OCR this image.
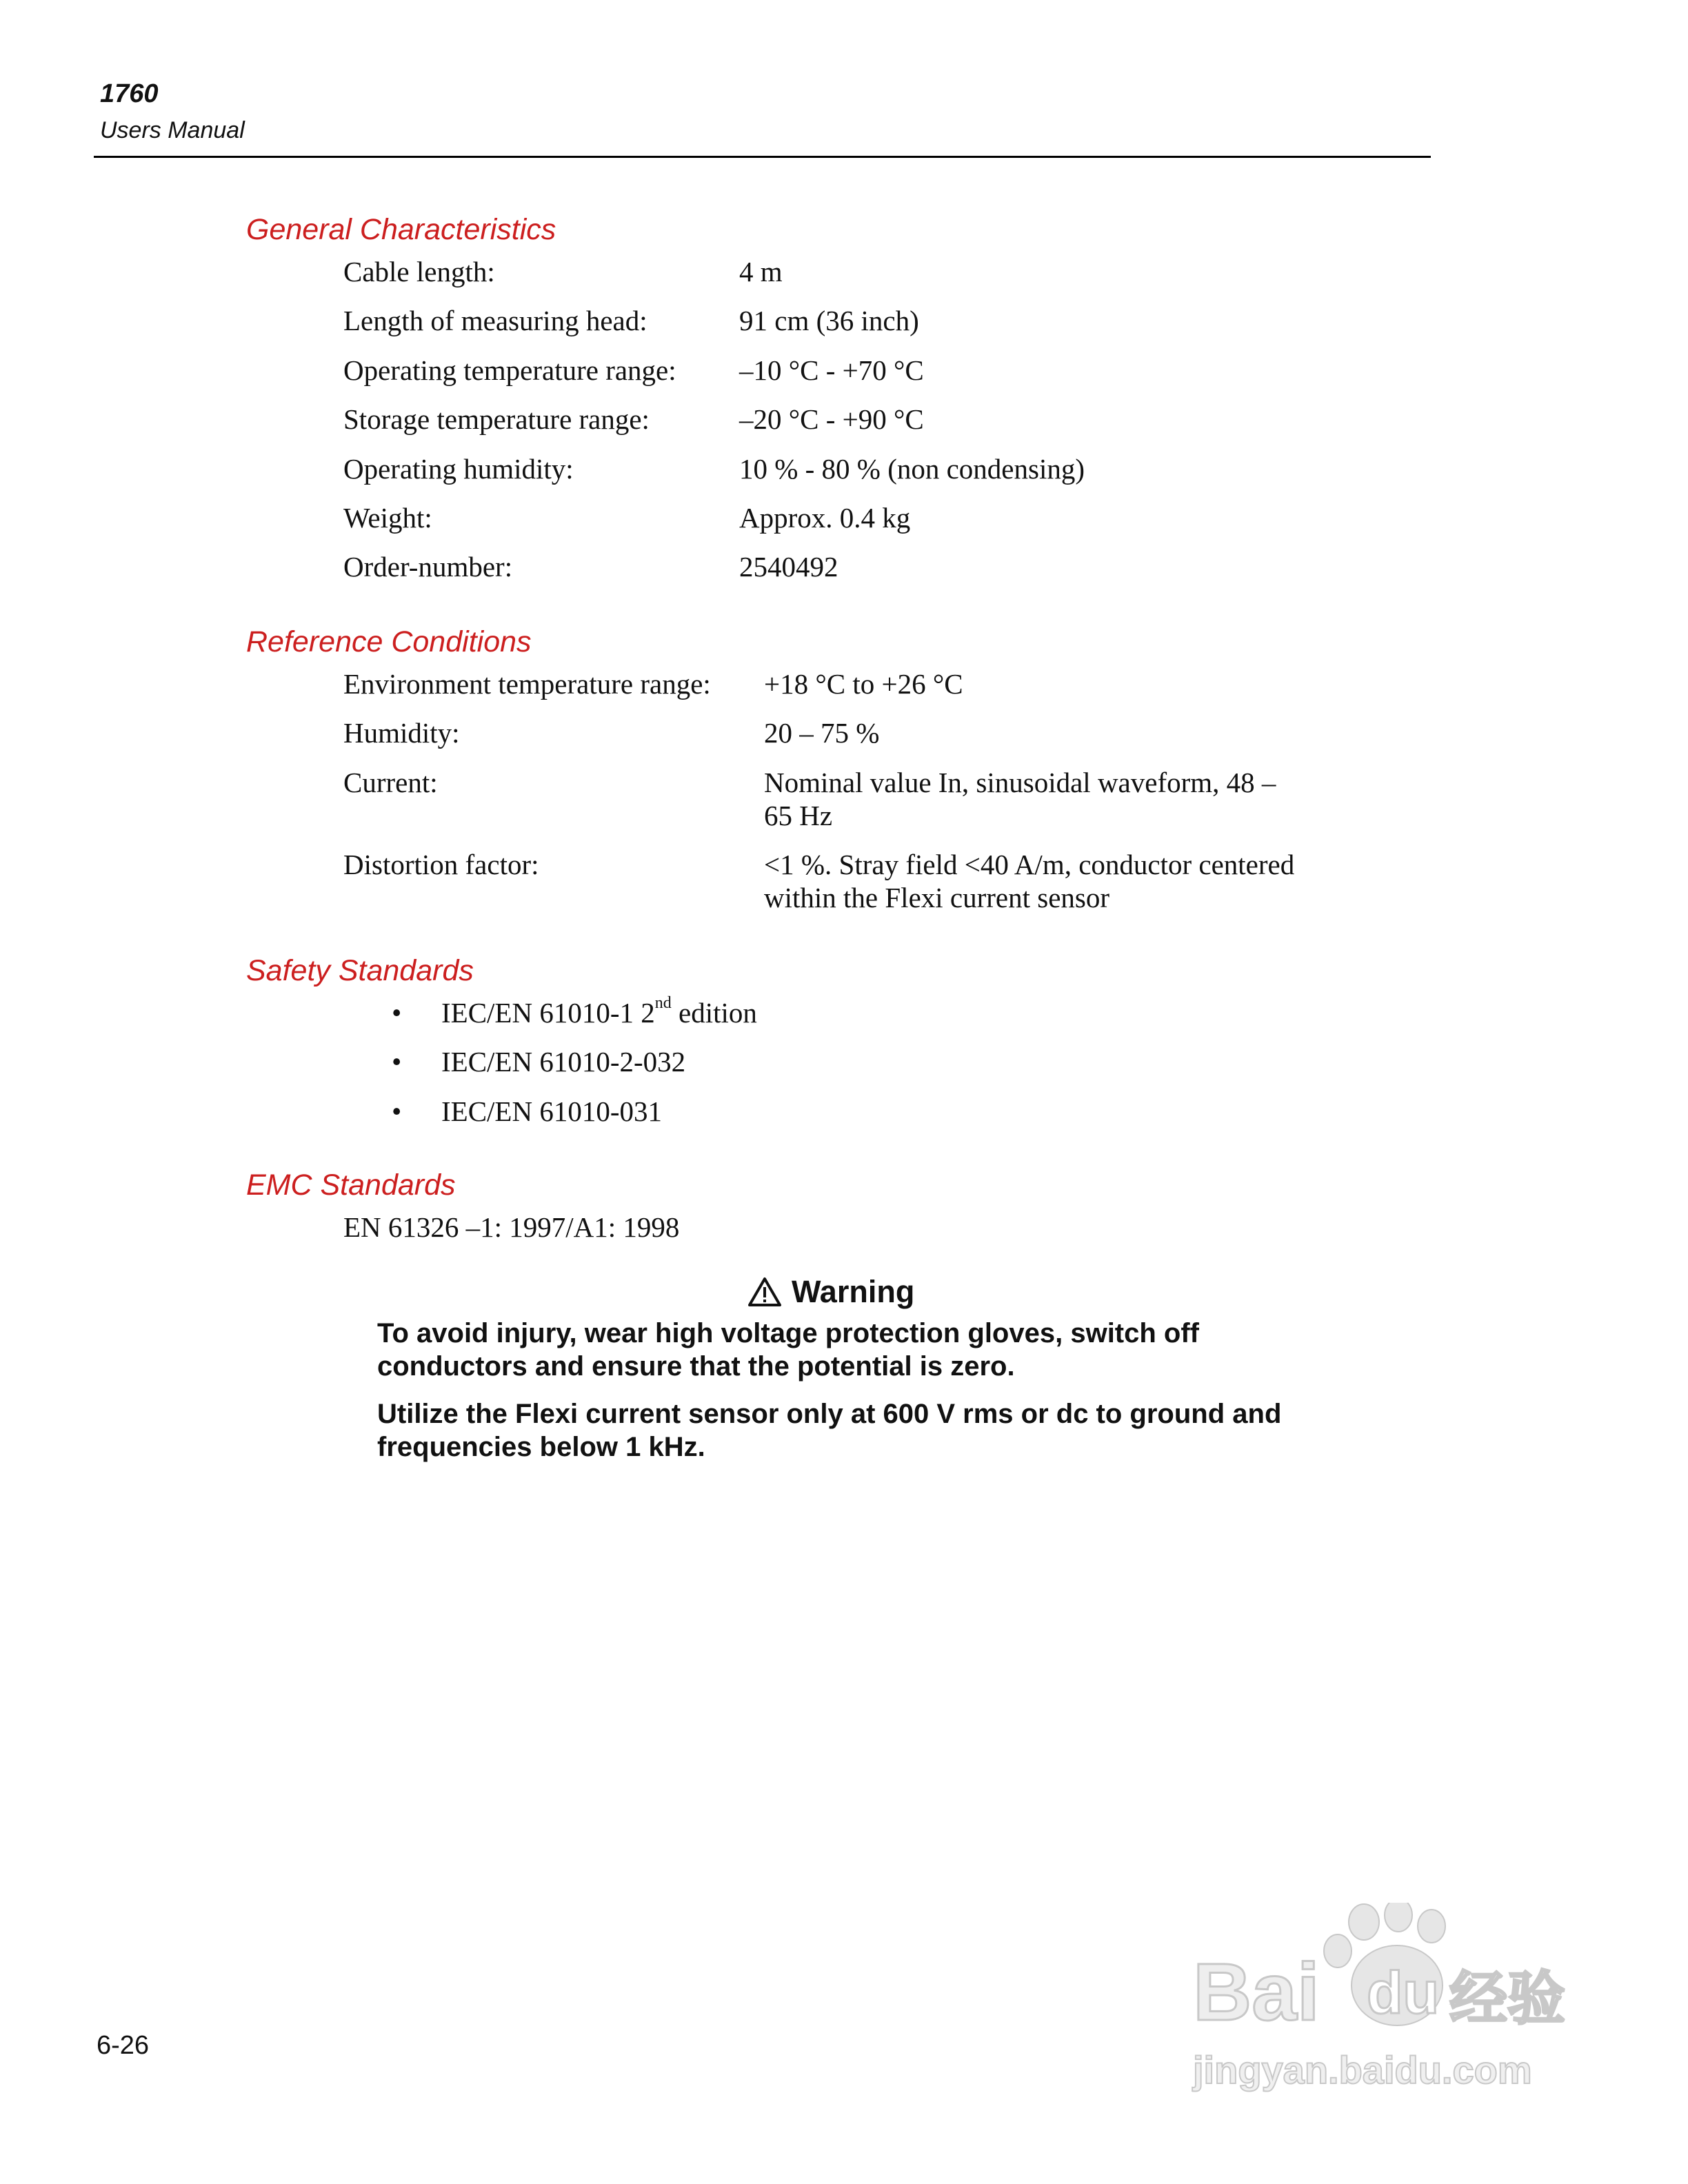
1760
Users Manual
General Characteristics
Cable length:	4 m
Length of measuring head:	91 cm (36 inch)
Operating temperature range: –10 °C - +70 °C
Storage temperature range:	–20 °C - +90 °C
Operating humidity:	10 % - 80 % (non condensing)
Weight:	Approx. 0.4 kg
Order-number:	2540492
Reference Conditions
Environment temperature range: +18 °C to +26 °C
Humidity:	20 – 75 %
Current:	Nominal value In, sinusoidal waveform, 48 –
65 Hz
Distortion factor:	<1 %. Stray field <40 A/m, conductor centered
within the Flexi current sensor
Safety Standards
• IEC/EN 61010-1 2nd edition
• IEC/EN 61010-2-032
• IEC/EN 61010-031
EMC Standards
EN 61326 –1: 1997/A1: 1998
Warning
To avoid injury, wear high voltage protection gloves, switch off conductors and ensure that the potential is zero.
Utilize the Flexi current sensor only at 600 V rms or dc to ground and frequencies below 1 kHz.
6-26
Bai du 经验
jingyan.baidu.com
